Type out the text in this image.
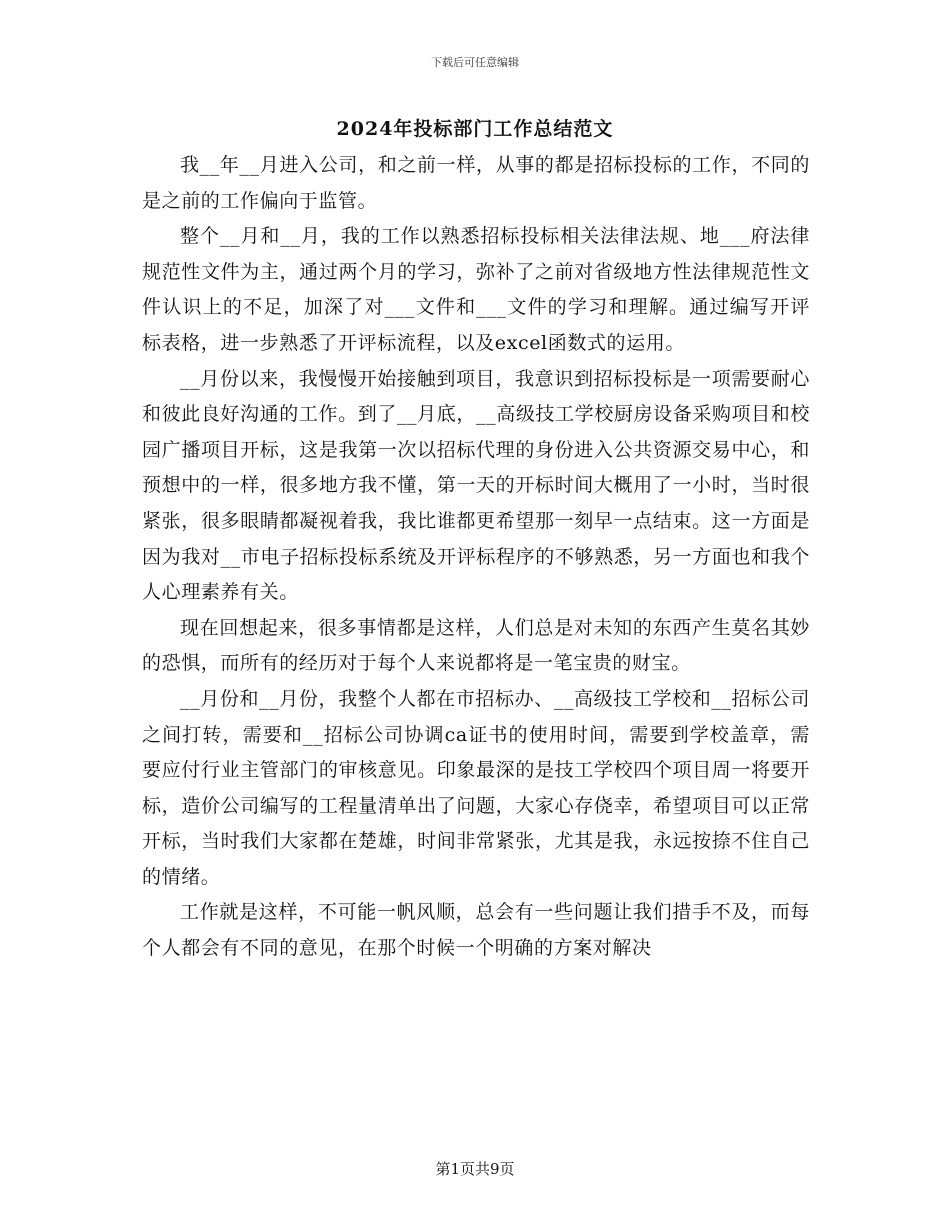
下载后可任意编辑
2024年投标部门工作总结范文

我__年__月进入公司，和之前一样，从事的都是招标投标的工作，不同的是之前的工作偏向于监管。

整个__月和__月，我的工作以熟悉招标投标相关法律法规、地___府法律规范性文件为主，通过两个月的学习，弥补了之前对省级地方性法律规范性文件认识上的不足，加深了对___文件和___文件的学习和理解。通过编写开评标表格，进一步熟悉了开评标流程，以及excel函数式的运用。

__月份以来，我慢慢开始接触到项目，我意识到招标投标是一项需要耐心和彼此良好沟通的工作。到了__月底，__高级技工学校厨房设备采购项目和校园广播项目开标，这是我第一次以招标代理的身份进入公共资源交易中心，和预想中的一样，很多地方我不懂，第一天的开标时间大概用了一小时，当时很紧张，很多眼睛都凝视着我，我比谁都更希望那一刻早一点结束。这一方面是因为我对__市电子招标投标系统及开评标程序的不够熟悉，另一方面也和我个人心理素养有关。

现在回想起来，很多事情都是这样，人们总是对未知的东西产生莫名其妙的恐惧，而所有的经历对于每个人来说都将是一笔宝贵的财宝。

__月份和__月份，我整个人都在市招标办、__高级技工学校和__招标公司之间打转，需要和__招标公司协调ca证书的使用时间，需要到学校盖章，需要应付行业主管部门的审核意见。印象最深的是技工学校四个项目周一将要开标，造价公司编写的工程量清单出了问题，大家心存侥幸，希望项目可以正常开标，当时我们大家都在楚雄，时间非常紧张，尤其是我，永远按捺不住自己的情绪。

工作就是这样，不可能一帆风顺，总会有一些问题让我们措手不及，而每个人都会有不同的意见，在那个时候一个明确的方案对解决

第1页共9页
